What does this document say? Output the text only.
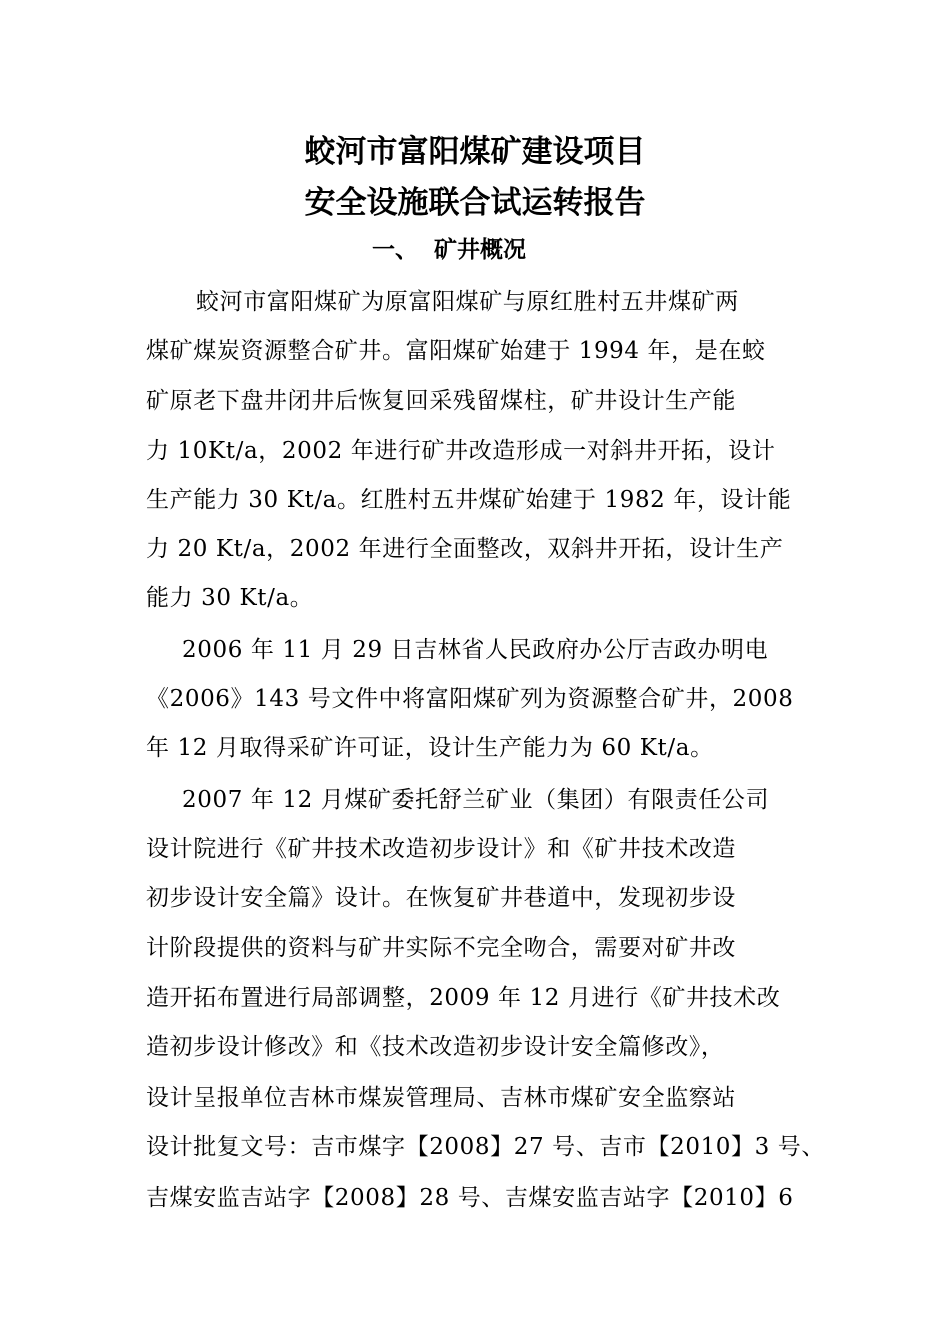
蛟河市富阳煤矿建设项目
安全设施联合试运转报告
一、  矿井概况
蛟河市富阳煤矿为原富阳煤矿与原红胜村五井煤矿两
煤矿煤炭资源整合矿井。富阳煤矿始建于 1994 年，是在蛟
矿原老下盘井闭井后恢复回采残留煤柱，矿井设计生产能
力 10Kt/a，2002 年进行矿井改造形成一对斜井开拓，设计
生产能力 30 Kt/a。红胜村五井煤矿始建于 1982 年，设计能
力 20 Kt/a，2002 年进行全面整改，双斜井开拓，设计生产
能力 30 Kt/a。
2006 年 11 月 29 日吉林省人民政府办公厅吉政办明电
《2006》143 号文件中将富阳煤矿列为资源整合矿井，2008
年 12 月取得采矿许可证，设计生产能力为 60 Kt/a。
2007 年 12 月煤矿委托舒兰矿业（集团）有限责任公司
设计院进行《矿井技术改造初步设计》和《矿井技术改造
初步设计安全篇》设计。在恢复矿井巷道中，发现初步设
计阶段提供的资料与矿井实际不完全吻合，需要对矿井改
造开拓布置进行局部调整，2009 年 12 月进行《矿井技术改
造初步设计修改》和《技术改造初步设计安全篇修改》，
设计呈报单位吉林市煤炭管理局、吉林市煤矿安全监察站
设计批复文号：吉市煤字【2008】27 号、吉市【2010】3 号、
吉煤安监吉站字【2008】28 号、吉煤安监吉站字【2010】6
